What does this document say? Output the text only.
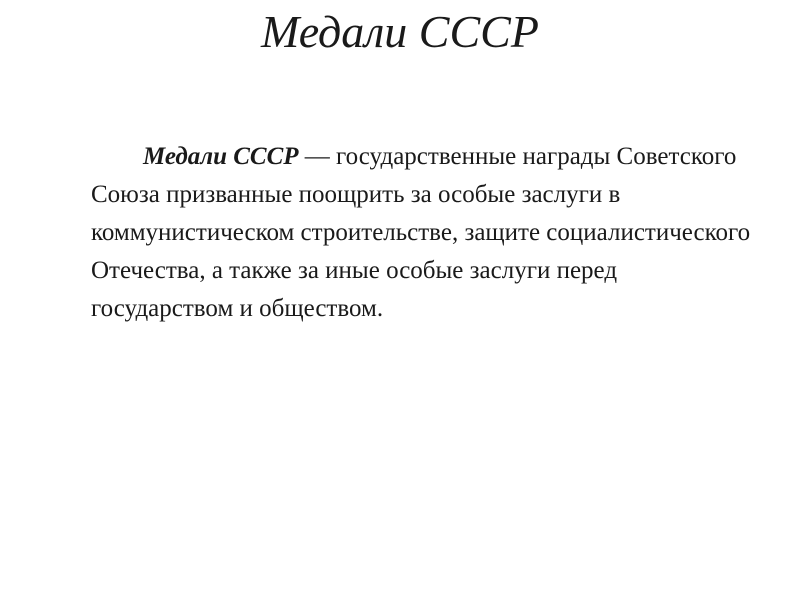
Медали СССР

Медали СССР — государственные награды Советского Союза призванные поощрить за особые заслуги в коммунистическом строительстве, защите социалистического Отечества, а также за иные особые заслуги перед государством и обществом.
